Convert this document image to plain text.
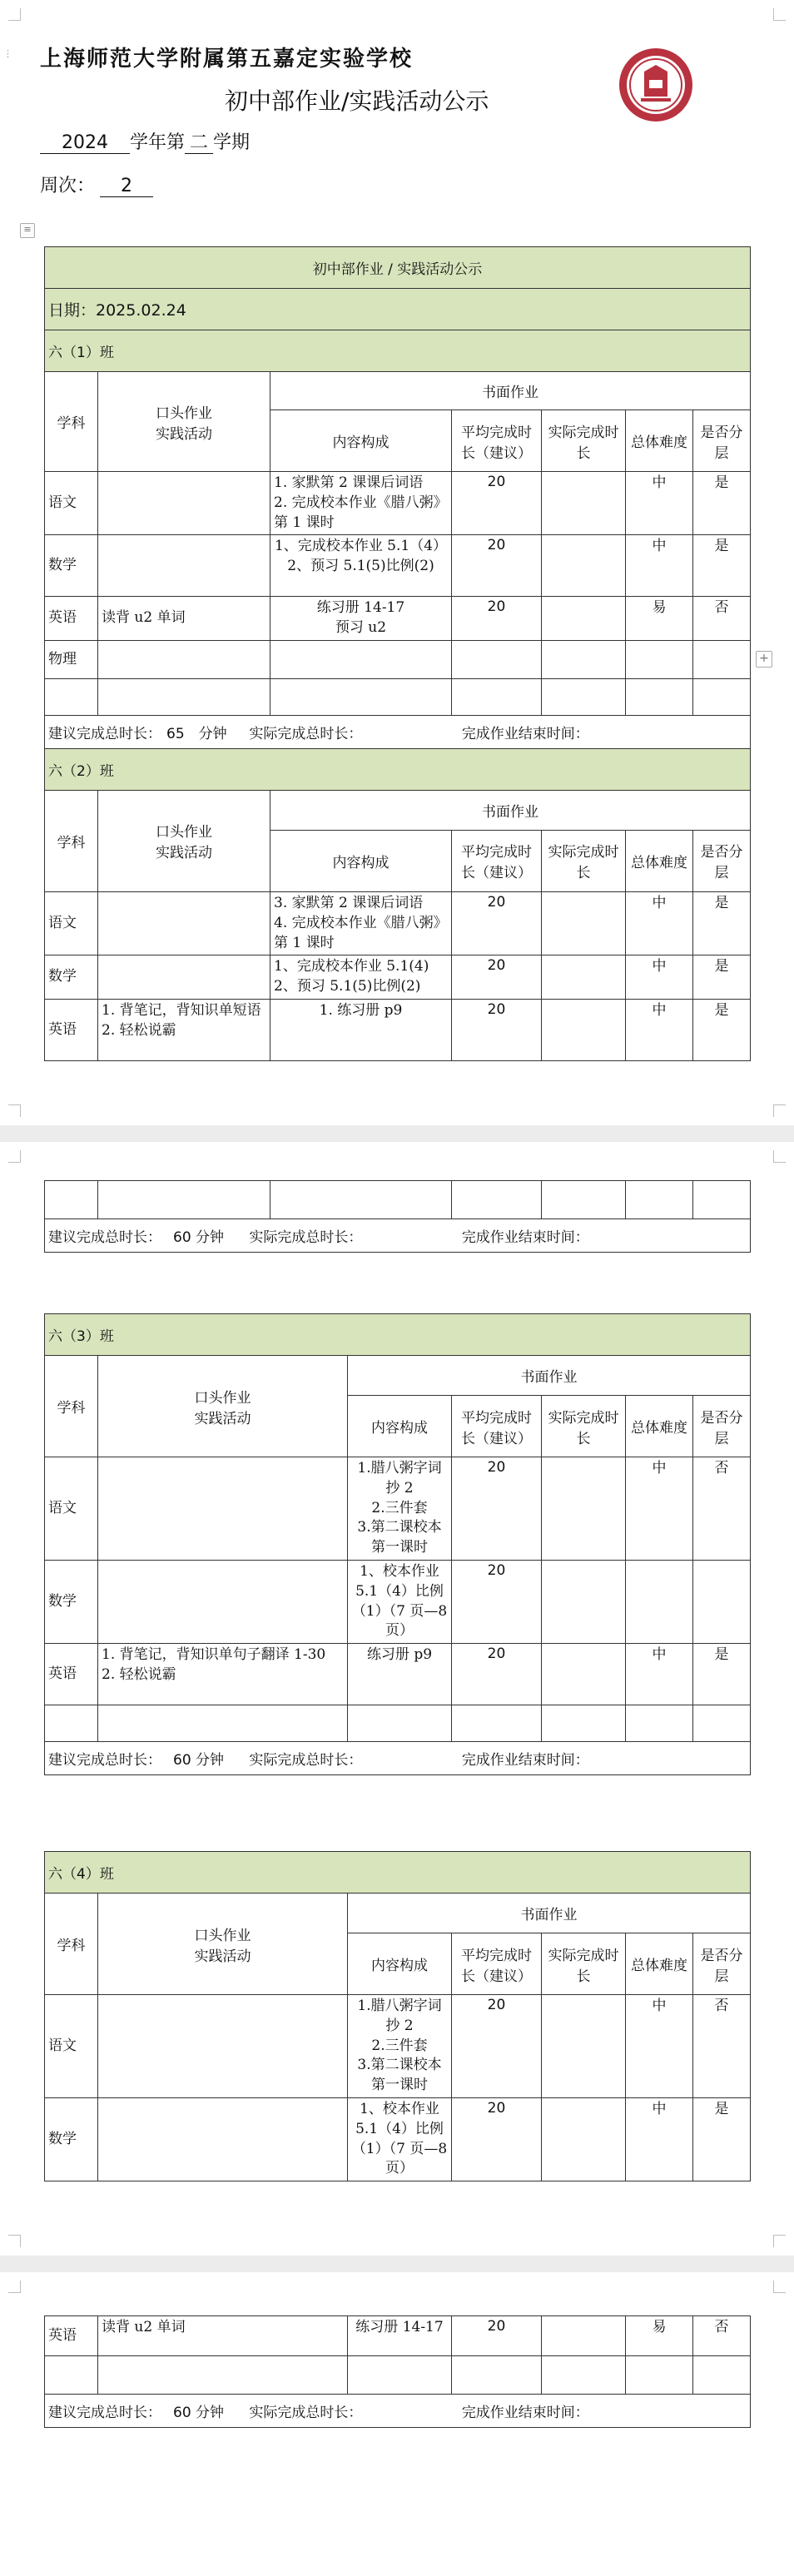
⋮ 上海师范大学附属第五嘉定实验学校
初中部作业/实践活动公示
2024 学年第 二 学期
周次： 2
≡
+
初中部作业 / 实践活动公示						
日期：2025.02.24						
六（1）班						
学科	口头作业
实践活动	书面作业				
		内容构成	平均完成时长（建议）	实际完成时长	总体难度	是否分层
语文		1. 家默第 2 课课后词语
2. 完成校本作业《腊八粥》第 1 课时	20		中	是
数学		1、完成校本作业 5.1（4）
2、预习 5.1(5)比例(2)	20		中	是
英语	读背 u2 单词	练习册 14-17
预习 u2	20		易	否
物理						

建议完成总时长： 65　分钟 实际完成总时长： 完成作业结束时间：						
六（2）班						
学科	口头作业
实践活动	书面作业				
		内容构成	平均完成时长（建议）	实际完成时长	总体难度	是否分层
语文		3. 家默第 2 课课后词语
4. 完成校本作业《腊八粥》第 1 课时	20		中	是
数学		1、完成校本作业 5.1(4)
2、预习 5.1(5)比例(2)	20		中	是
英语	1. 背笔记，背知识单短语
2. 轻松说霸	1. 练习册 p9	20		中	是

建议完成总时长： 60 分钟 实际完成总时长：	完成作业结束时间：
六（3）班						
学科	口头作业
实践活动	书面作业				
		内容构成	平均完成时长（建议）	实际完成时长	总体难度	是否分层
语文		1.腊八粥字词抄 2
2.三件套
3.第二课校本第一课时	20		中	否
数学		1、校本作业 5.1（4）比例（1）（7 页—8 页）	20			
英语	1. 背笔记，背知识单句子翻译 1-30
2. 轻松说霸	练习册 p9	20		中	是

建议完成总时长： 60 分钟 实际完成总时长： 完成作业结束时间：						
六（4）班						
学科	口头作业
实践活动	书面作业				
		内容构成	平均完成时长（建议）	实际完成时长	总体难度	是否分层
语文		1.腊八粥字词抄 2
2.三件套
3.第二课校本第一课时	20		中	否
数学		1、校本作业 5.1（4）比例（1）（7 页—8 页）	20		中	是
英语	读背 u2 单词	练习册 14-17	20		易	否

建议完成总时长： 60 分钟 实际完成总时长： 完成作业结束时间：						
